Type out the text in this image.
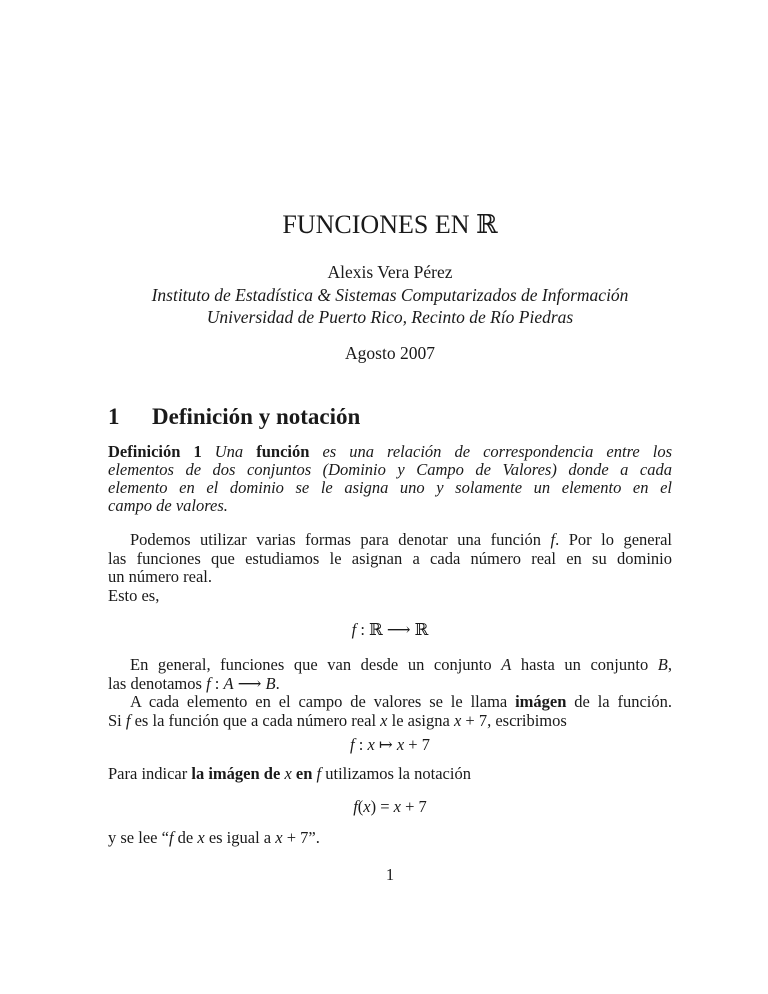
FUNCIONES EN ℝ
Alexis Vera Pérez
Instituto de Estadística & Sistemas Computarizados de Información
Universidad de Puerto Rico, Recinto de Río Piedras
Agosto 2007
1 Definición y notación
Definición 1 Una función es una relación de correspondencia entre los
elementos de dos conjuntos (Dominio y Campo de Valores) donde a cada
elemento en el dominio se le asigna uno y solamente un elemento en el
campo de valores.
Podemos utilizar varias formas para denotar una función f. Por lo general
las funciones que estudiamos le asignan a cada número real en su dominio
un número real.
Esto es,
f : ℝ ⟶ ℝ
En general, funciones que van desde un conjunto A hasta un conjunto B,
las denotamos f : A ⟶ B.
A cada elemento en el campo de valores se le llama imágen de la función.
Si f es la función que a cada número real x le asigna x + 7, escribimos
f : x ↦ x + 7
Para indicar la imágen de x en f utilizamos la notación
f(x) = x + 7
y se lee “f de x es igual a x + 7”.
1
